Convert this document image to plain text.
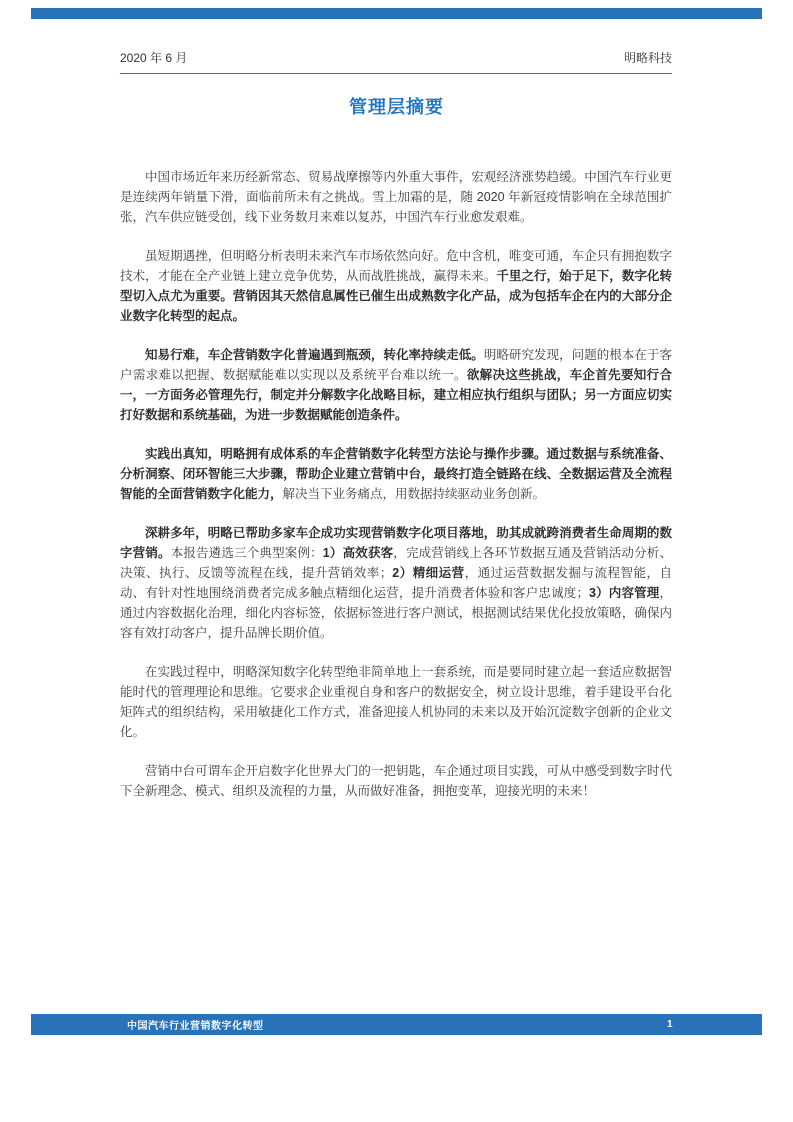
2020 年 6 月	明略科技
管理层摘要

中国市场近年来历经新常态、贸易战摩擦等内外重大事件，宏观经济涨势趋缓。中国汽车行业更是连续两年销量下滑，面临前所未有之挑战。雪上加霜的是，随 2020 年新冠疫情影响在全球范围扩张，汽车供应链受创，线下业务数月来难以复苏，中国汽车行业愈发艰难。

虽短期遇挫，但明略分析表明未来汽车市场依然向好。危中含机，唯变可通，车企只有拥抱数字技术，才能在全产业链上建立竞争优势，从而战胜挑战，赢得未来。千里之行，始于足下，数字化转型切入点尤为重要。营销因其天然信息属性已催生出成熟数字化产品，成为包括车企在内的大部分企业数字化转型的起点。

知易行难，车企营销数字化普遍遇到瓶颈，转化率持续走低。明略研究发现，问题的根本在于客户需求难以把握、数据赋能难以实现以及系统平台难以统一。欲解决这些挑战，车企首先要知行合一，一方面务必管理先行，制定并分解数字化战略目标，建立相应执行组织与团队；另一方面应切实打好数据和系统基础，为进一步数据赋能创造条件。

实践出真知，明略拥有成体系的车企营销数字化转型方法论与操作步骤。通过数据与系统准备、分析洞察、闭环智能三大步骤，帮助企业建立营销中台，最终打造全链路在线、全数据运营及全流程智能的全面营销数字化能力，解决当下业务痛点，用数据持续驱动业务创新。

深耕多年，明略已帮助多家车企成功实现营销数字化项目落地，助其成就跨消费者生命周期的数字营销。本报告遴选三个典型案例：1）高效获客，完成营销线上各环节数据互通及营销活动分析、决策、执行、反馈等流程在线，提升营销效率；2）精细运营，通过运营数据发掘与流程智能，自动、有针对性地围绕消费者完成多触点精细化运营，提升消费者体验和客户忠诚度；3）内容管理，通过内容数据化治理，细化内容标签，依据标签进行客户测试，根据测试结果优化投放策略，确保内容有效打动客户，提升品牌长期价值。

在实践过程中，明略深知数字化转型绝非简单地上一套系统，而是要同时建立起一套适应数据智能时代的管理理论和思维。它要求企业重视自身和客户的数据安全，树立设计思维，着手建设平台化矩阵式的组织结构，采用敏捷化工作方式，准备迎接人机协同的未来以及开始沉淀数字创新的企业文化。

营销中台可谓车企开启数字化世界大门的一把钥匙，车企通过项目实践，可从中感受到数字时代下全新理念、模式、组织及流程的力量，从而做好准备，拥抱变革，迎接光明的未来！

中国汽车行业营销数字化转型	1
